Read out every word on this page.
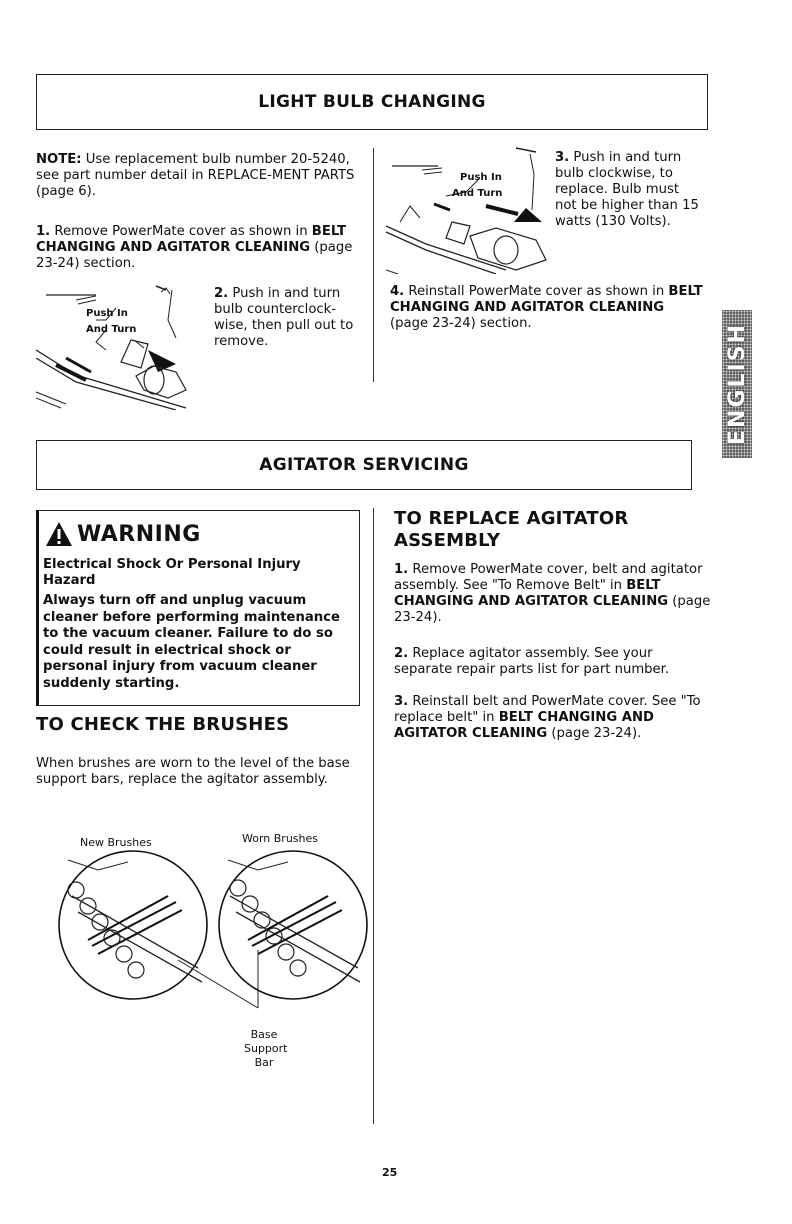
LIGHT BULB CHANGING
NOTE: Use replacement bulb number 20-5240, see part number detail in REPLACE-MENT PARTS (page 6).
1. Remove PowerMate cover as shown in BELT CHANGING AND AGITATOR CLEANING (page 23-24) section.
Push In
And Turn
2. Push in and turn bulb counterclock-wise, then pull out to remove.
Push In
And Turn
3. Push in and turn bulb clockwise, to replace. Bulb must not be higher than 15 watts (130 Volts).
4. Reinstall PowerMate cover as shown in BELT CHANGING AND AGITATOR CLEANING (page 23-24) section.	ENGLISH
AGITATOR SERVICING
WARNING
Electrical Shock Or Personal Injury
Hazard
Always turn off and unplug vacuum cleaner before performing maintenance to the vacuum cleaner. Failure to do so could result in electrical shock or personal injury from vacuum cleaner suddenly starting.
TO CHECK THE BRUSHES
When brushes are worn to the level of the base support bars, replace the agitator assembly.
New Brushes	Worn Brushes
Base
Support
Bar
TO REPLACE AGITATOR ASSEMBLY
1. Remove PowerMate cover, belt and agitator assembly. See "To Remove Belt" in BELT CHANGING AND AGITATOR CLEANING (page 23-24).
2. Replace agitator assembly. See your separate repair parts list for part number.
3. Reinstall belt and PowerMate cover. See "To replace belt" in BELT CHANGING AND AGITATOR CLEANING (page 23-24).
25
